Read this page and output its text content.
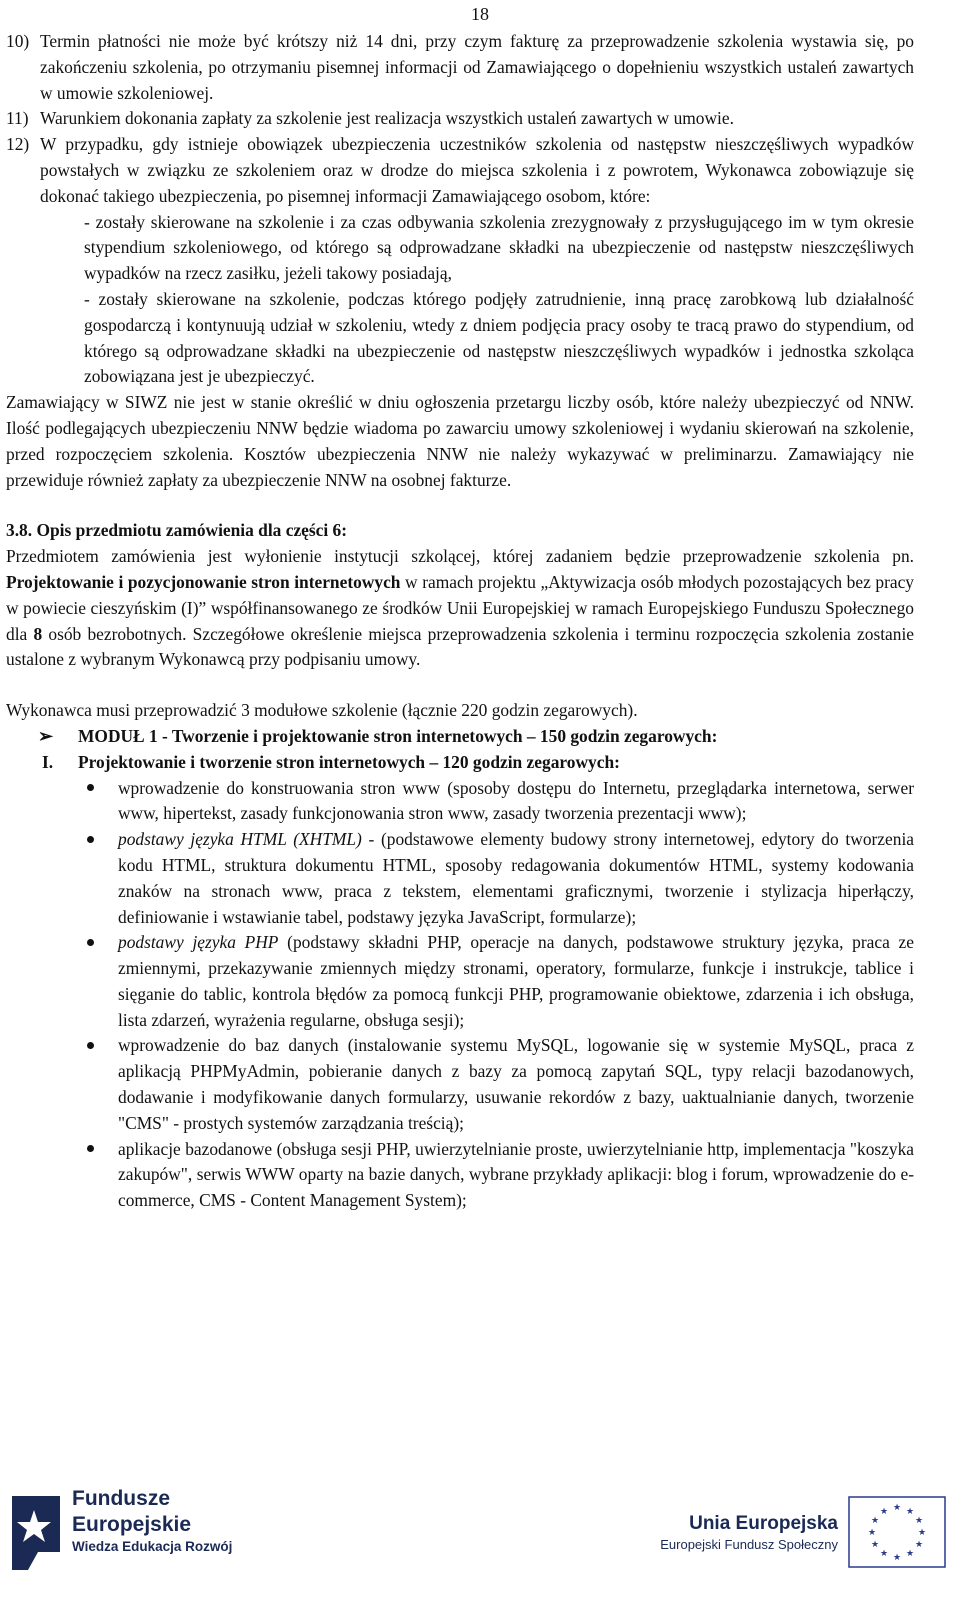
18
10) Termin płatności nie może być krótszy niż 14 dni, przy czym fakturę za przeprowadzenie szkolenia wystawia się, po zakończeniu szkolenia, po otrzymaniu pisemnej informacji od Zamawiającego o dopełnieniu wszystkich ustaleń zawartych w umowie szkoleniowej.
11) Warunkiem dokonania zapłaty za szkolenie jest realizacja wszystkich ustaleń zawartych w umowie.
12) W przypadku, gdy istnieje obowiązek ubezpieczenia uczestników szkolenia od następstw nieszczęśliwych wypadków powstałych w związku ze szkoleniem oraz w drodze do miejsca szkolenia i z powrotem, Wykonawca zobowiązuje się dokonać takiego ubezpieczenia, po pisemnej informacji Zamawiającego osobom, które:

- zostały skierowane na szkolenie i za czas odbywania szkolenia zrezygnowały z przysługującego im w tym okresie stypendium szkoleniowego, od którego są odprowadzane składki na ubezpieczenie od następstw nieszczęśliwych wypadków na rzecz zasiłku, jeżeli takowy posiadają,

- zostały skierowane na szkolenie, podczas którego podjęły zatrudnienie, inną pracę zarobkową lub działalność gospodarczą i kontynuują udział w szkoleniu, wtedy z dniem podjęcia pracy osoby te tracą prawo do stypendium, od którego są odprowadzane składki na ubezpieczenie od następstw nieszczęśliwych wypadków i jednostka szkoląca zobowiązana jest je ubezpieczyć.

Zamawiający w SIWZ nie jest w stanie określić w dniu ogłoszenia przetargu liczby osób, które należy ubezpieczyć od NNW. Ilość podlegających ubezpieczeniu NNW będzie wiadoma po zawarciu umowy szkoleniowej i wydaniu skierowań na szkolenie, przed rozpoczęciem szkolenia. Kosztów ubezpieczenia NNW nie należy wykazywać w preliminarzu. Zamawiający nie przewiduje również zapłaty za ubezpieczenie NNW na osobnej fakturze.

3.8. Opis przedmiotu zamówienia dla części 6:

Przedmiotem zamówienia jest wyłonienie instytucji szkolącej, której zadaniem będzie przeprowadzenie szkolenia pn. Projektowanie i pozycjonowanie stron internetowych w ramach projektu „Aktywizacja osób młodych pozostających bez pracy w powiecie cieszyńskim (I)” współfinansowanego ze środków Unii Europejskiej w ramach Europejskiego Funduszu Społecznego dla 8 osób bezrobotnych. Szczegółowe określenie miejsca przeprowadzenia szkolenia i terminu rozpoczęcia szkolenia zostanie ustalone z wybranym Wykonawcą przy podpisaniu umowy.

Wykonawca musi przeprowadzić 3 modułowe szkolenie (łącznie 220 godzin zegarowych).

➢	MODUŁ 1 - Tworzenie i projektowanie stron internetowych – 150 godzin zegarowych:
I.	Projektowanie i tworzenie stron internetowych – 120 godzin zegarowych:
wprowadzenie do konstruowania stron www (sposoby dostępu do Internetu, przeglądarka internetowa, serwer www, hipertekst, zasady funkcjonowania stron www, zasady tworzenia prezentacji www);
podstawy języka HTML (XHTML) - (podstawowe elementy budowy strony internetowej, edytory do tworzenia kodu HTML, struktura dokumentu HTML, sposoby redagowania dokumentów HTML, systemy kodowania znaków na stronach www, praca z tekstem, elementami graficznymi, tworzenie i stylizacja hiperłączy, definiowanie i wstawianie tabel, podstawy języka JavaScript, formularze);
podstawy języka PHP (podstawy składni PHP, operacje na danych, podstawowe struktury języka, praca ze zmiennymi, przekazywanie zmiennych między stronami, operatory, formularze, funkcje i instrukcje, tablice i sięganie do tablic, kontrola błędów za pomocą funkcji PHP, programowanie obiektowe, zdarzenia i ich obsługa, lista zdarzeń, wyrażenia regularne, obsługa sesji);
wprowadzenie do baz danych (instalowanie systemu MySQL, logowanie się w systemie MySQL, praca z aplikacją PHPMyAdmin, pobieranie danych z bazy za pomocą zapytań SQL, typy relacji bazodanowych, dodawanie i modyfikowanie danych formularzy, usuwanie rekordów z bazy, uaktualnianie danych, tworzenie "CMS" - prostych systemów zarządzania treścią);
aplikacje bazodanowe (obsługa sesji PHP, uwierzytelnianie proste, uwierzytelnianie http, implementacja "koszyka zakupów", serwis WWW oparty na bazie danych, wybrane przykłady aplikacji: blog i forum, wprowadzenie do e-commerce, CMS - Content Management System);
Fundusze
Europejskie
Wiedza Edukacja Rozwój
Unia Europejska
Europejski Fundusz Społeczny
★ ★
★
★
★
★
★
★
★
★
★
★
